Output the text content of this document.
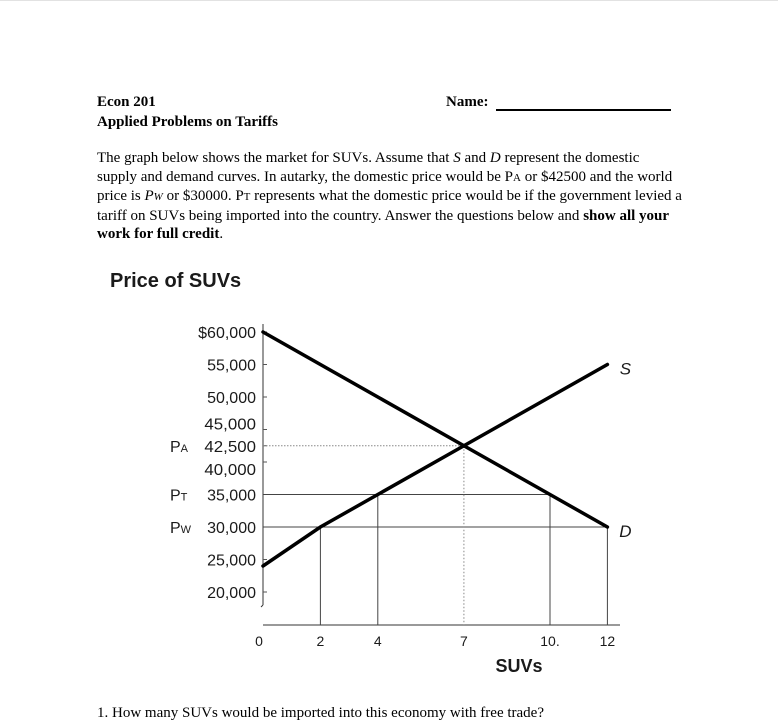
Econ 201
Applied Problems on Tariffs
Name:
The graph below shows the market for SUVs. Assume that S and D represent the domestic supply and demand curves. In autarky, the domestic price would be PA or $42500 and the world price is PW or $30000. PT represents what the domestic price would be if the government levied a tariff on SUVs being imported into the country. Answer the questions below and show all your work for full credit.
Price of SUVs
$60,000
55,000
50,000
45,000
42,500
PA
40,000
35,000
PT
30,000
PW
25,000
20,000
0	2	4	7	10.	12
SUVs
S
D
1. How many SUVs would be imported into this economy with free trade?
